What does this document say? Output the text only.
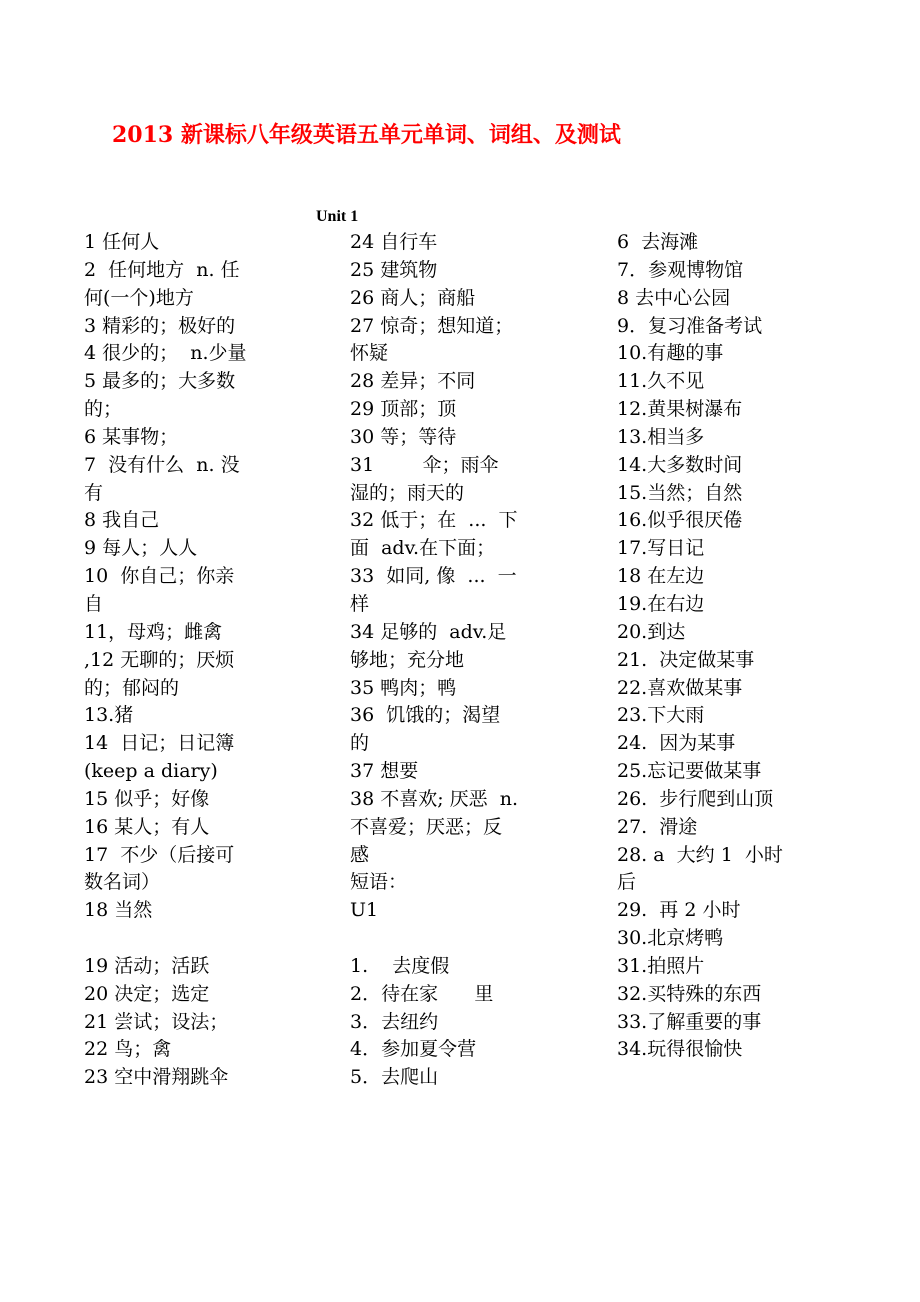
2013 新课标八年级英语五单元单词、词组、及测试
Unit 1
1 任何人
2  任何地方  n. 任
何(一个)地方
3 精彩的；极好的
4 很少的；  n.少量
5 最多的；大多数
的；
6 某事物；
7  没有什么  n. 没
有
8 我自己
9 每人；人人
10  你自己；你亲
自
11，母鸡；雌禽
,12 无聊的；厌烦
的；郁闷的
13.猪
14  日记；日记簿
(keep a diary)
15 似乎；好像
16 某人；有人
17  不少（后接可
数名词）
18 当然
19 活动；活跃
20 决定；选定
21 尝试；设法；
22 鸟；禽
23 空中滑翔跳伞
24 自行车
25 建筑物
26 商人；商船
27 惊奇；想知道；
怀疑
28 差异；不同
29 顶部；顶
30 等；等待
31        伞；雨伞
湿的；雨天的
32 低于；在  ...  下
面  adv.在下面；
33  如同, 像  ...  一
样
34 足够的  adv.足
够地；充分地
35 鸭肉；鸭
36  饥饿的；渴望
的
37 想要
38 不喜欢; 厌恶  n.
不喜爱；厌恶；反
感
短语：
U1
1.    去度假
2．待在家      里
3．去纽约
4．参加夏令营
5．去爬山
6  去海滩
7．参观博物馆
8 去中心公园
9．复习准备考试
10.有趣的事
11.久不见
12.黄果树瀑布
13.相当多
14.大多数时间
15.当然；自然
16.似乎很厌倦
17.写日记
18 在左边
19.在右边
20.到达
21.  决定做某事
22.喜欢做某事
23.下大雨
24.  因为某事
25.忘记要做某事
26.  步行爬到山顶
27.  滑途
28. a  大约 1  小时
后
29.  再 2 小时
30.北京烤鸭
31.拍照片
32.买特殊的东西
33.了解重要的事
34.玩得很愉快
